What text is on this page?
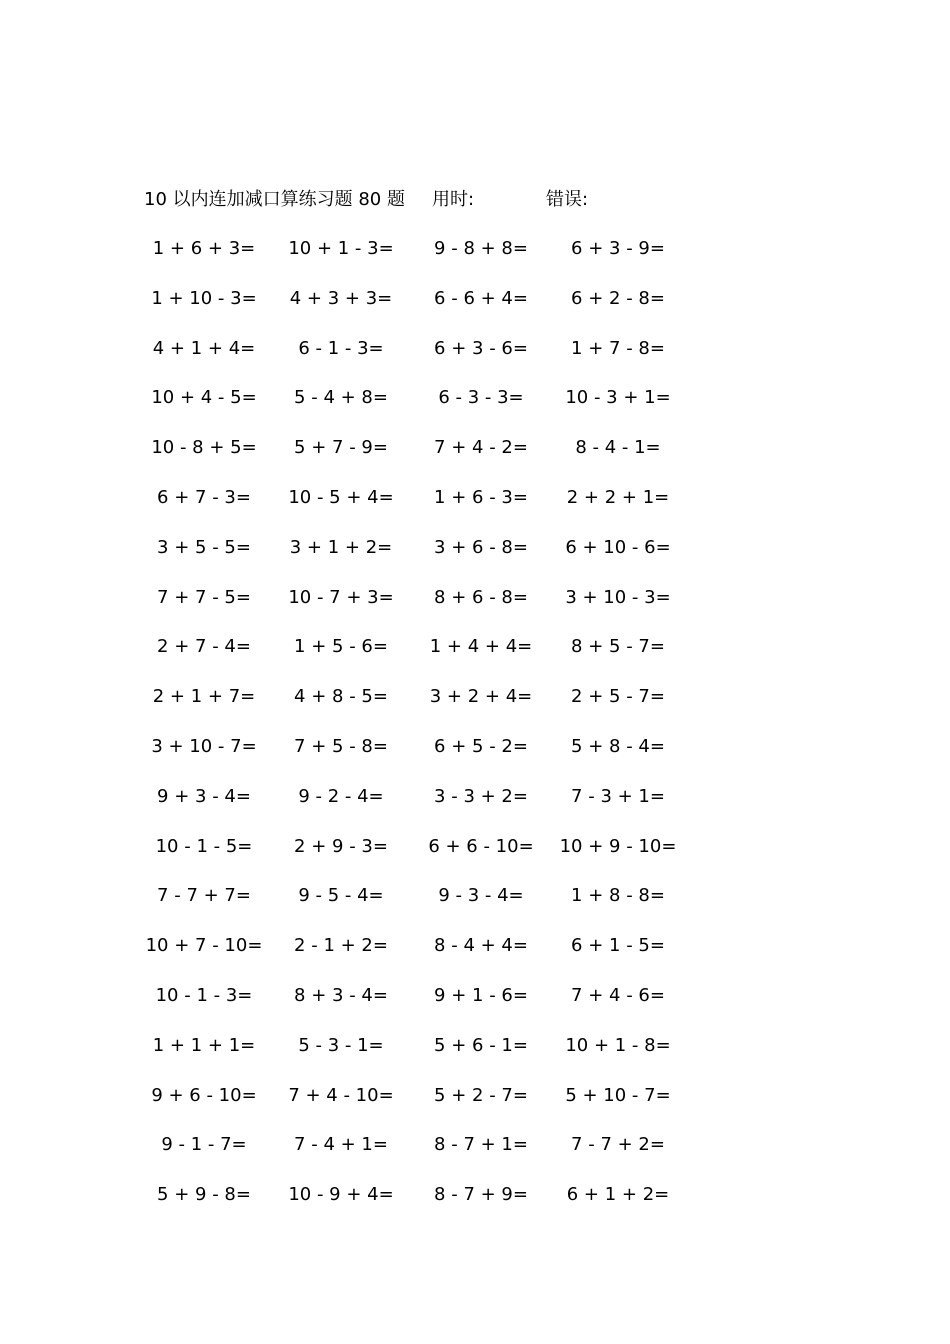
10 以内连加减口算练习题 80 题 用时:	错误:
1 + 6 + 3=	10 + 1 - 3=	9 - 8 + 8=	6 + 3 - 9=
1 + 10 - 3=	4 + 3 + 3=	6 - 6 + 4=	6 + 2 - 8=
4 + 1 + 4=	6 - 1 - 3=	6 + 3 - 6=	1 + 7 - 8=
10 + 4 - 5=	5 - 4 + 8=	6 - 3 - 3=	10 - 3 + 1=
10 - 8 + 5=	5 + 7 - 9=	7 + 4 - 2=	8 - 4 - 1=
6 + 7 - 3=	10 - 5 + 4=	1 + 6 - 3=	2 + 2 + 1=
3 + 5 - 5=	3 + 1 + 2=	3 + 6 - 8=	6 + 10 - 6=
7 + 7 - 5=	10 - 7 + 3=	8 + 6 - 8=	3 + 10 - 3=
2 + 7 - 4=	1 + 5 - 6=	1 + 4 + 4=	8 + 5 - 7=
2 + 1 + 7=	4 + 8 - 5=	3 + 2 + 4=	2 + 5 - 7=
3 + 10 - 7=	7 + 5 - 8=	6 + 5 - 2=	5 + 8 - 4=
9 + 3 - 4=	9 - 2 - 4=	3 - 3 + 2=	7 - 3 + 1=
10 - 1 - 5=	2 + 9 - 3=	6 + 6 - 10=	10 + 9 - 10=
7 - 7 + 7=	9 - 5 - 4=	9 - 3 - 4=	1 + 8 - 8=
10 + 7 - 10=	2 - 1 + 2=	8 - 4 + 4=	6 + 1 - 5=
10 - 1 - 3=	8 + 3 - 4=	9 + 1 - 6=	7 + 4 - 6=
1 + 1 + 1=	5 - 3 - 1=	5 + 6 - 1=	10 + 1 - 8=
9 + 6 - 10=	7 + 4 - 10=	5 + 2 - 7=	5 + 10 - 7=
9 - 1 - 7=	7 - 4 + 1=	8 - 7 + 1=	7 - 7 + 2=
5 + 9 - 8=	10 - 9 + 4=	8 - 7 + 9=	6 + 1 + 2=
